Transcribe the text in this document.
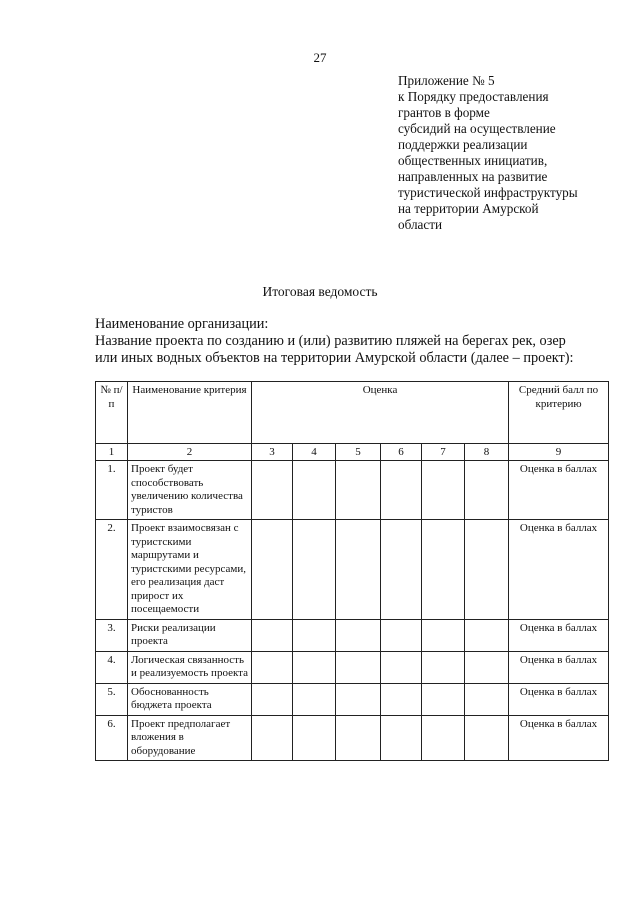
27
Приложение № 5
к Порядку предоставления
грантов в форме
субсидий на осуществление
поддержки реализации
общественных инициатив,
направленных на развитие
туристической инфраструктуры
на территории Амурской
области
Итоговая ведомость
Наименование организации:
Название проекта по созданию и (или) развитию пляжей на берегах рек, озер
или иных водных объектов на территории Амурской области (далее – проект):
№ п/п	Наименование критерия	Оценка						Средний балл по критерию
1	2	3	4	5	6	7	8	9
1.	Проект будет способствовать увеличению количества туристов							Оценка в баллах
2.	Проект взаимосвязан с туристскими маршрутами и туристскими ресурсами, его реализация даст прирост их посещаемости							Оценка в баллах
3.	Риски реализации проекта							Оценка в баллах
4.	Логическая связанность и реализуемость проекта							Оценка в баллах
5.	Обоснованность бюджета проекта							Оценка в баллах
6.	Проект предполагает вложения в оборудование							Оценка в баллах
